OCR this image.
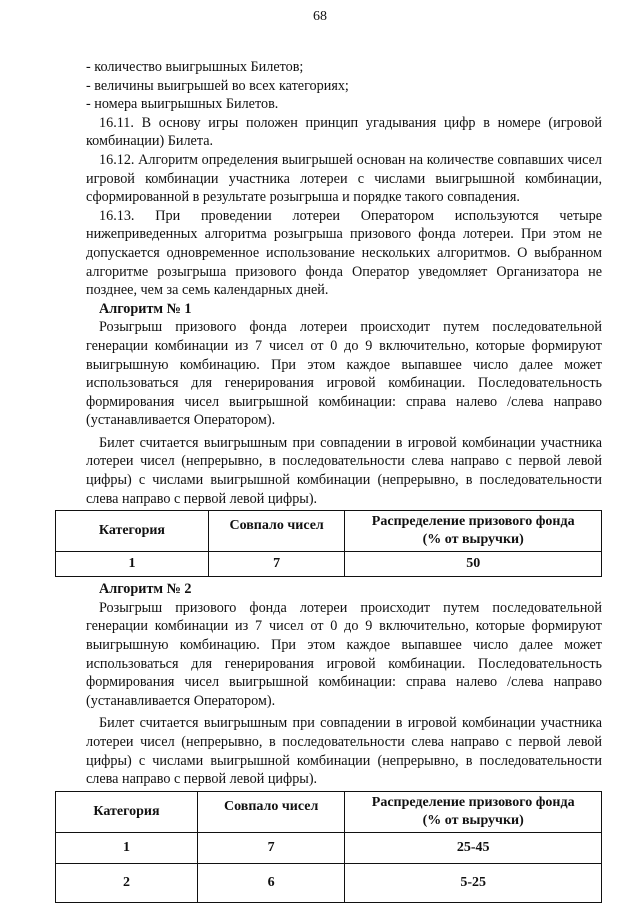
68

- количество выигрышных Билетов;

- величины выигрышей во всех категориях;

- номера выигрышных Билетов.

16.11. В основу игры положен принцип угадывания цифр в номере (игровой комбинации) Билета.

16.12. Алгоритм определения выигрышей основан на количестве совпавших чисел игровой комбинации участника лотереи с числами выигрышной комбинации, сформированной в результате розыгрыша и порядке такого совпадения.

16.13. При проведении лотереи Оператором используются четыре нижеприведенных алгоритма розыгрыша призового фонда лотереи. При этом не допускается одновременное использование нескольких алгоритмов. О выбранном алгоритме розыгрыша призового фонда Оператор уведомляет Организатора не позднее, чем за семь календарных дней.

Алгоритм № 1

Розыгрыш призового фонда лотереи происходит путем последовательной генерации комбинации из 7 чисел от 0 до 9 включительно, которые формируют выигрышную комбинацию. При этом каждое выпавшее число далее может использоваться для генерирования игровой комбинации. Последовательность формирования чисел выигрышной комбинации: справа налево /слева направо (устанавливается Оператором).

Билет считается выигрышным при совпадении в игровой комбинации участника лотереи чисел (непрерывно, в последовательности слева направо с первой левой цифры) с числами выигрышной комбинации (непрерывно, в последовательности слева направо с первой левой цифры).

Категория	Совпало чисел	Распределение призового фонда
(% от выручки)

1	7	50
Алгоритм № 2

Розыгрыш призового фонда лотереи происходит путем последовательной генерации комбинации из 7 чисел от 0 до 9 включительно, которые формируют выигрышную комбинацию. При этом каждое выпавшее число далее может использоваться для генерирования игровой комбинации. Последовательность формирования чисел выигрышной комбинации: справа налево /слева направо (устанавливается Оператором).

Билет считается выигрышным при совпадении в игровой комбинации участника лотереи чисел (непрерывно, в последовательности слева направо с первой левой цифры) с числами выигрышной комбинации (непрерывно, в последовательности слева направо с первой левой цифры).

Категория	Совпало чисел	Распределение призового фонда
(% от выручки)

1	7	25-45
2	6	5-25
